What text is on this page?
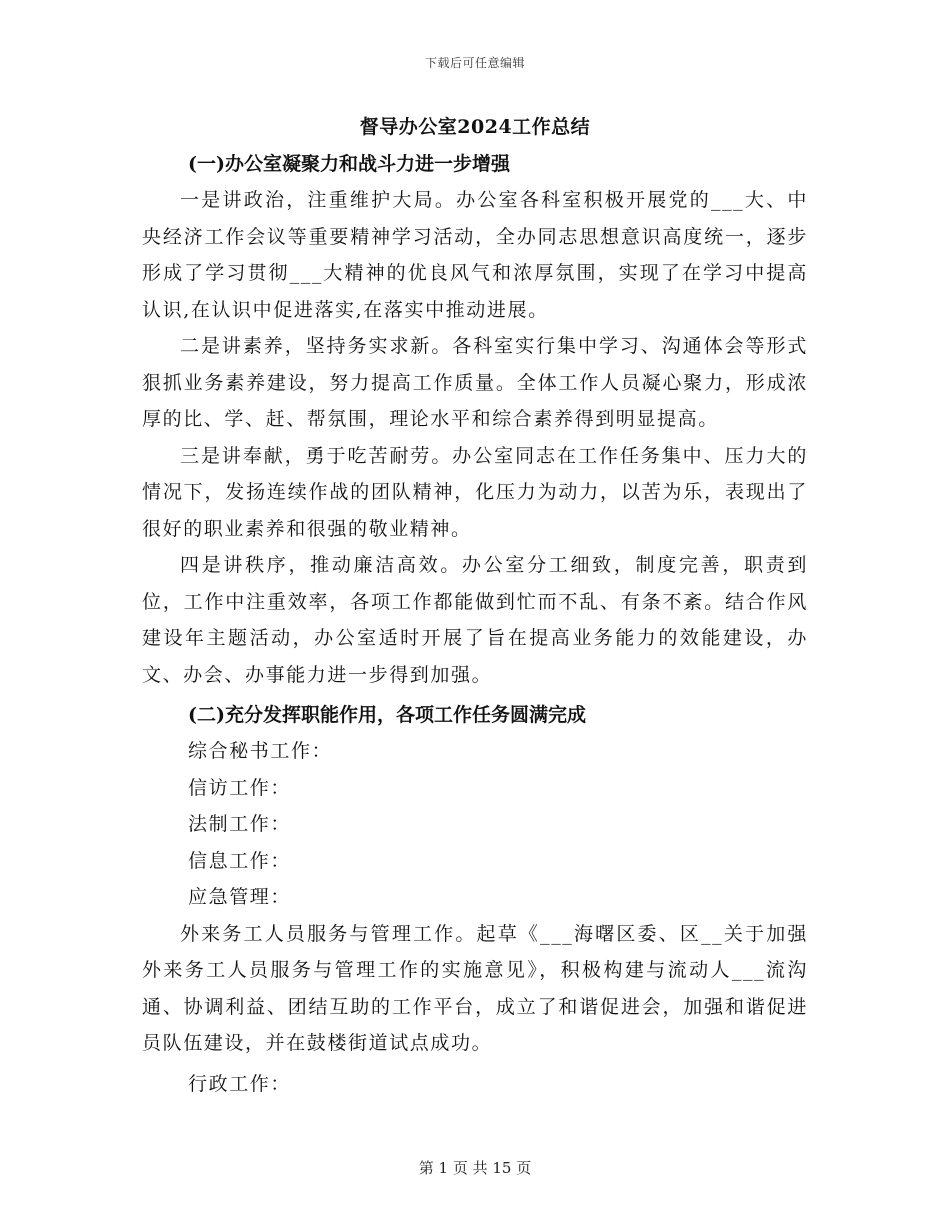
下载后可任意编辑
督导办公室2024工作总结
(一)办公室凝聚力和战斗力进一步增强

一是讲政治，注重维护大局。办公室各科室积极开展党的___大、中央经济工作会议等重要精神学习活动，全办同志思想意识高度统一，逐步形成了学习贯彻___大精神的优良风气和浓厚氛围，实现了在学习中提高认识,在认识中促进落实,在落实中推动进展。

二是讲素养，坚持务实求新。各科室实行集中学习、沟通体会等形式狠抓业务素养建设，努力提高工作质量。全体工作人员凝心聚力，形成浓厚的比、学、赶、帮氛围，理论水平和综合素养得到明显提高。

三是讲奉献，勇于吃苦耐劳。办公室同志在工作任务集中、压力大的情况下，发扬连续作战的团队精神，化压力为动力，以苦为乐，表现出了很好的职业素养和很强的敬业精神。

四是讲秩序，推动廉洁高效。办公室分工细致，制度完善，职责到位，工作中注重效率，各项工作都能做到忙而不乱、有条不紊。结合作风建设年主题活动，办公室适时开展了旨在提高业务能力的效能建设，办文、办会、办事能力进一步得到加强。

(二)充分发挥职能作用，各项工作任务圆满完成

综合秘书工作：

信访工作：

法制工作：

信息工作：

应急管理：

外来务工人员服务与管理工作。起草《___海曙区委、区__关于加强外来务工人员服务与管理工作的实施意见》，积极构建与流动人___流沟通、协调利益、团结互助的工作平台，成立了和谐促进会，加强和谐促进员队伍建设，并在鼓楼街道试点成功。

行政工作：

第 1 页 共 15 页
